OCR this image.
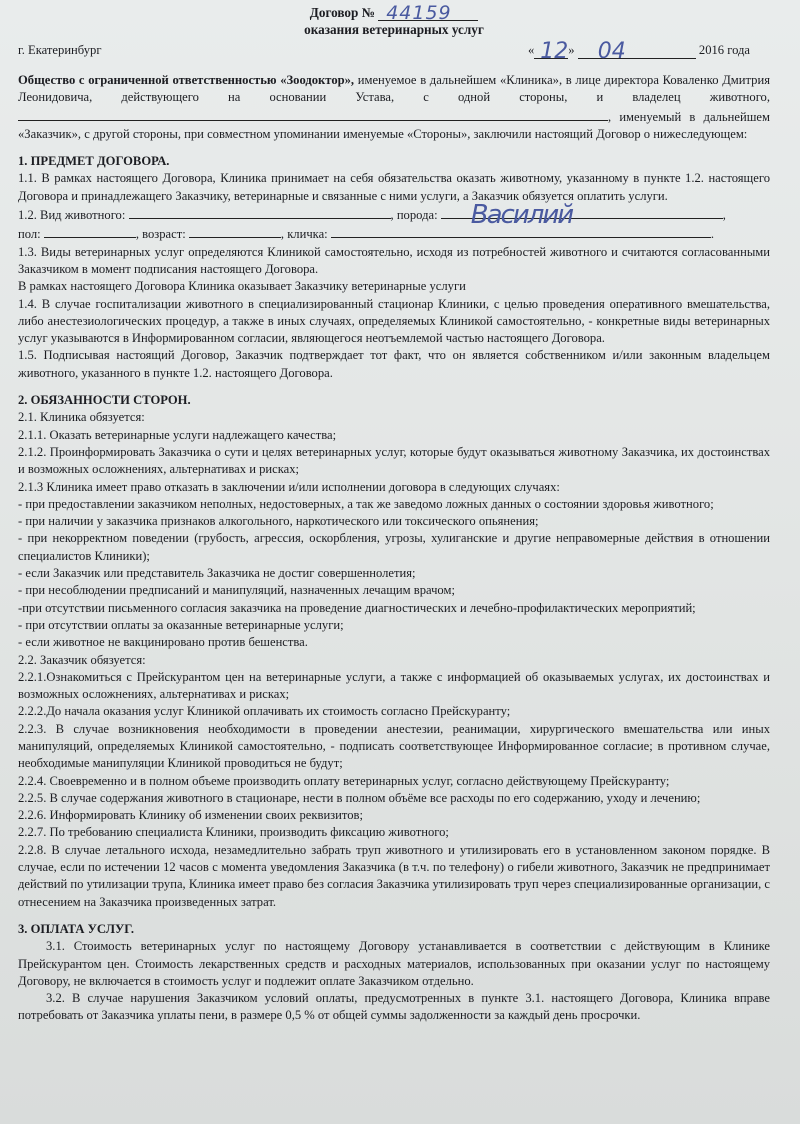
Договор № 44159
оказания ветеринарных услуг
г. Екатеринбург	« 12 » 04	2016 года

Общество с ограниченной ответственностью «Зоодоктор», именуемое в дальнейшем «Клиника», в лице директора Коваленко Дмитрия Леонидовича, действующего на основании Устава, с одной стороны, и владелец животного,, именуемый в дальнейшем «Заказчик», с другой стороны, при совместном упоминании именуемые «Стороны», заключили настоящий Договор о нижеследующем:

1. ПРЕДМЕТ ДОГОВОРА.

1.1. В рамках настоящего Договора, Клиника принимает на себя обязательства оказать животному, указанному в пункте 1.2. настоящего Договора и принадлежащего Заказчику, ветеринарные и связанные с ними услуги, а Заказчик обязуется оплатить услуги.

1.2. Вид животного:	, порода: Василий	,
пол:	, возраст:	, кличка:	.

1.3. Виды ветеринарных услуг определяются Клиникой самостоятельно, исходя из потребностей животного и считаются согласованными Заказчиком в момент подписания настоящего Договора.

В рамках настоящего Договора Клиника оказывает Заказчику ветеринарные услуги

1.4. В случае госпитализации животного в специализированный стационар Клиники, с целью проведения оперативного вмешательства, либо анестезиологических процедур, а также в иных случаях, определяемых Клиникой самостоятельно, - конкретные виды ветеринарных услуг указываются в Информированном согласии, являющегося неотъемлемой частью настоящего Договора.

1.5. Подписывая настоящий Договор, Заказчик подтверждает тот факт, что он является собственником и/или законным владельцем животного, указанного в пункте 1.2. настоящего Договора.

2. ОБЯЗАННОСТИ СТОРОН.

2.1. Клиника обязуется:

2.1.1. Оказать ветеринарные услуги надлежащего качества;

2.1.2. Проинформировать Заказчика о сути и целях ветеринарных услуг, которые будут оказываться животному Заказчика, их достоинствах и возможных осложнениях, альтернативах и рисках;

2.1.3 Клиника имеет право отказать в заключении и/или исполнении договора в следующих случаях:

- при предоставлении заказчиком неполных, недостоверных, а так же заведомо ложных данных о состоянии здоровья животного;

- при наличии у заказчика признаков алкогольного, наркотического или токсического опьянения;

- при некорректном поведении (грубость, агрессия, оскорбления, угрозы, хулиганские и другие неправомерные действия в отношении специалистов Клиники);

- если Заказчик или представитель Заказчика не достиг совершеннолетия;

- при несоблюдении предписаний и манипуляций, назначенных лечащим врачом;

-при отсутствии письменного согласия заказчика на проведение диагностических и лечебно-профилактических мероприятий;

- при отсутствии оплаты за оказанные ветеринарные услуги;

- если животное не вакцинировано против бешенства.

2.2. Заказчик обязуется:

2.2.1.Ознакомиться с Прейскурантом цен на ветеринарные услуги, а также с информацией об оказываемых услугах, их достоинствах и возможных осложнениях, альтернативах и рисках;

2.2.2.До начала оказания услуг Клиникой оплачивать их стоимость согласно Прейскуранту;

2.2.3. В случае возникновения необходимости в проведении анестезии, реанимации, хирургического вмешательства или иных манипуляций, определяемых Клиникой самостоятельно, - подписать соответствующее Информированное согласие; в противном случае, необходимые манипуляции Клиникой проводиться не будут;

2.2.4. Своевременно и в полном объеме производить оплату ветеринарных услуг, согласно действующему Прейскуранту;

2.2.5. В случае содержания животного в стационаре, нести в полном объёме все расходы по его содержанию, уходу и лечению;

2.2.6. Информировать Клинику об изменении своих реквизитов;

2.2.7. По требованию специалиста Клиники, производить фиксацию животного;

2.2.8. В случае летального исхода, незамедлительно забрать труп животного и утилизировать его в установленном законом порядке. В случае, если по истечении 12 часов с момента уведомления Заказчика (в т.ч. по телефону) о гибели животного, Заказчик не предпринимает действий по утилизации трупа, Клиника имеет право без согласия Заказчика утилизировать труп через специализированные организации, с отнесением на Заказчика произведенных затрат.

3. ОПЛАТА УСЛУГ.

3.1. Стоимость ветеринарных услуг по настоящему Договору устанавливается в соответствии с действующим в Клинике Прейскурантом цен. Стоимость лекарственных средств и расходных материалов, использованных при оказании услуг по настоящему Договору, не включается в стоимость услуг и подлежит оплате Заказчиком отдельно.

3.2. В случае нарушения Заказчиком условий оплаты, предусмотренных в пункте 3.1. настоящего Договора, Клиника вправе потребовать от Заказчика уплаты пени, в размере 0,5 % от общей суммы задолженности за каждый день просрочки.
